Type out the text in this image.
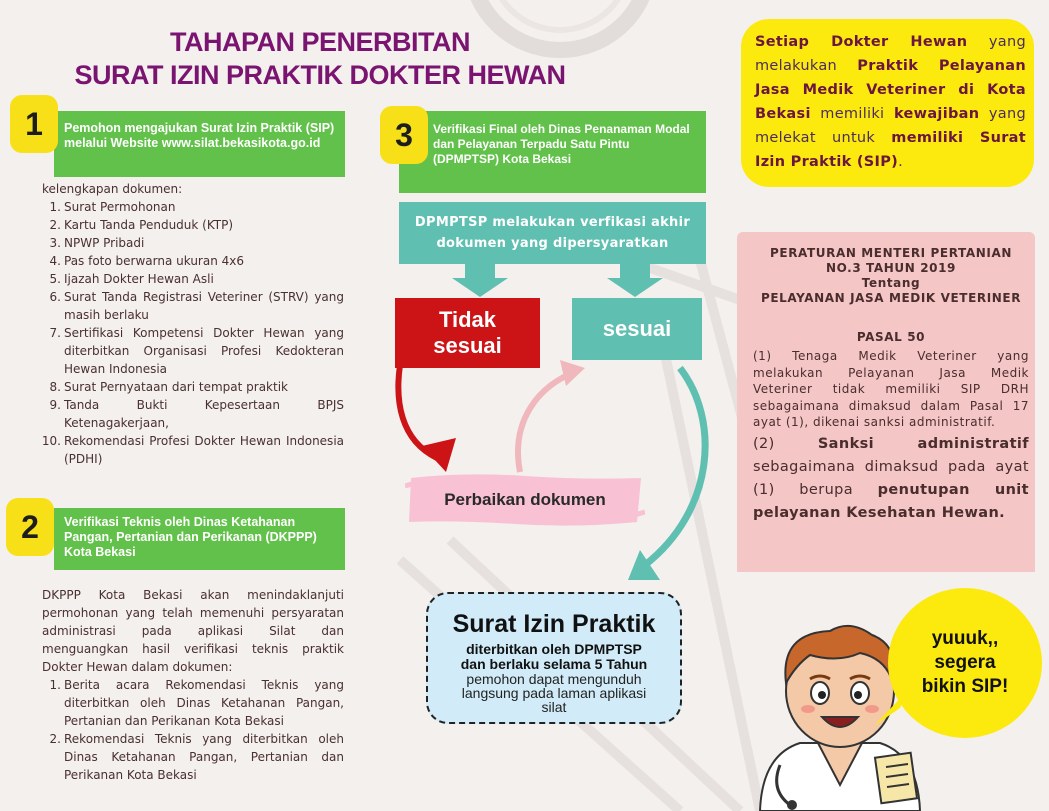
TAHAPAN PENERBITAN
SURAT IZIN PRAKTIK DOKTER HEWAN
Pemohon mengajukan Surat Izin Praktik (SIP) melalui Website www.silat.bekasikota.go.id
1
kelengkapan dokumen:
1. Surat Permohonan
2. Kartu Tanda Penduduk (KTP)
3. NPWP Pribadi
4. Pas foto berwarna ukuran 4x6
5. Ijazah Dokter Hewan Asli
6. Surat Tanda Registrasi Veteriner (STRV) yang masih berlaku
7. Sertifikasi Kompetensi Dokter Hewan yang diterbitkan Organisasi Profesi Kedokteran Hewan Indonesia
8. Surat Pernyataan dari tempat praktik
9. Tanda Bukti Kepesertaan BPJS Ketenagakerjaan,
10. Rekomendasi Profesi Dokter Hewan Indonesia (PDHI)
Verifikasi Teknis oleh Dinas Ketahanan Pangan, Pertanian dan Perikanan (DKPPP) Kota Bekasi
2
DKPPP Kota Bekasi akan menindaklanjuti permohonan yang telah memenuhi persyaratan administrasi pada aplikasi Silat dan menguangkan hasil verifikasi teknis praktik Dokter Hewan dalam dokumen:
1. Berita acara Rekomendasi Teknis yang diterbitkan oleh Dinas Ketahanan Pangan, Pertanian dan Perikanan Kota Bekasi
2. Rekomendasi Teknis yang diterbitkan oleh Dinas Ketahanan Pangan, Pertanian dan Perikanan Kota Bekasi
Verifikasi Final oleh Dinas Penanaman Modal dan Pelayanan Terpadu Satu Pintu (DPMPTSP) Kota Bekasi
3
DPMPTSP melakukan verfikasi akhir dokumen yang dipersyaratkan
Tidak sesuai
sesuai
Perbaikan dokumen
Surat Izin Praktik
diterbitkan oleh DPMPTSP
dan berlaku selama 5 Tahun
pemohon dapat mengunduh langsung pada laman aplikasi silat
Setiap Dokter Hewan yang melakukan Praktik Pelayanan Jasa Medik Veteriner di Kota Bekasi memiliki kewajiban yang melekat untuk memiliki Surat Izin Praktik (SIP).
PERATURAN MENTERI PERTANIAN
NO.3 TAHUN 2019
Tentang
PELAYANAN JASA MEDIK VETERINER
PASAL 50
(1) Tenaga Medik Veteriner yang melakukan Pelayanan Jasa Medik Veteriner tidak memiliki SIP DRH sebagaimana dimaksud dalam Pasal 17 ayat (1), dikenai sanksi administratif.
(2) Sanksi administratif sebagaimana dimaksud pada ayat (1) berupa penutupan unit pelayanan Kesehatan Hewan.
yuuuk,,
segera
bikin SIP!
